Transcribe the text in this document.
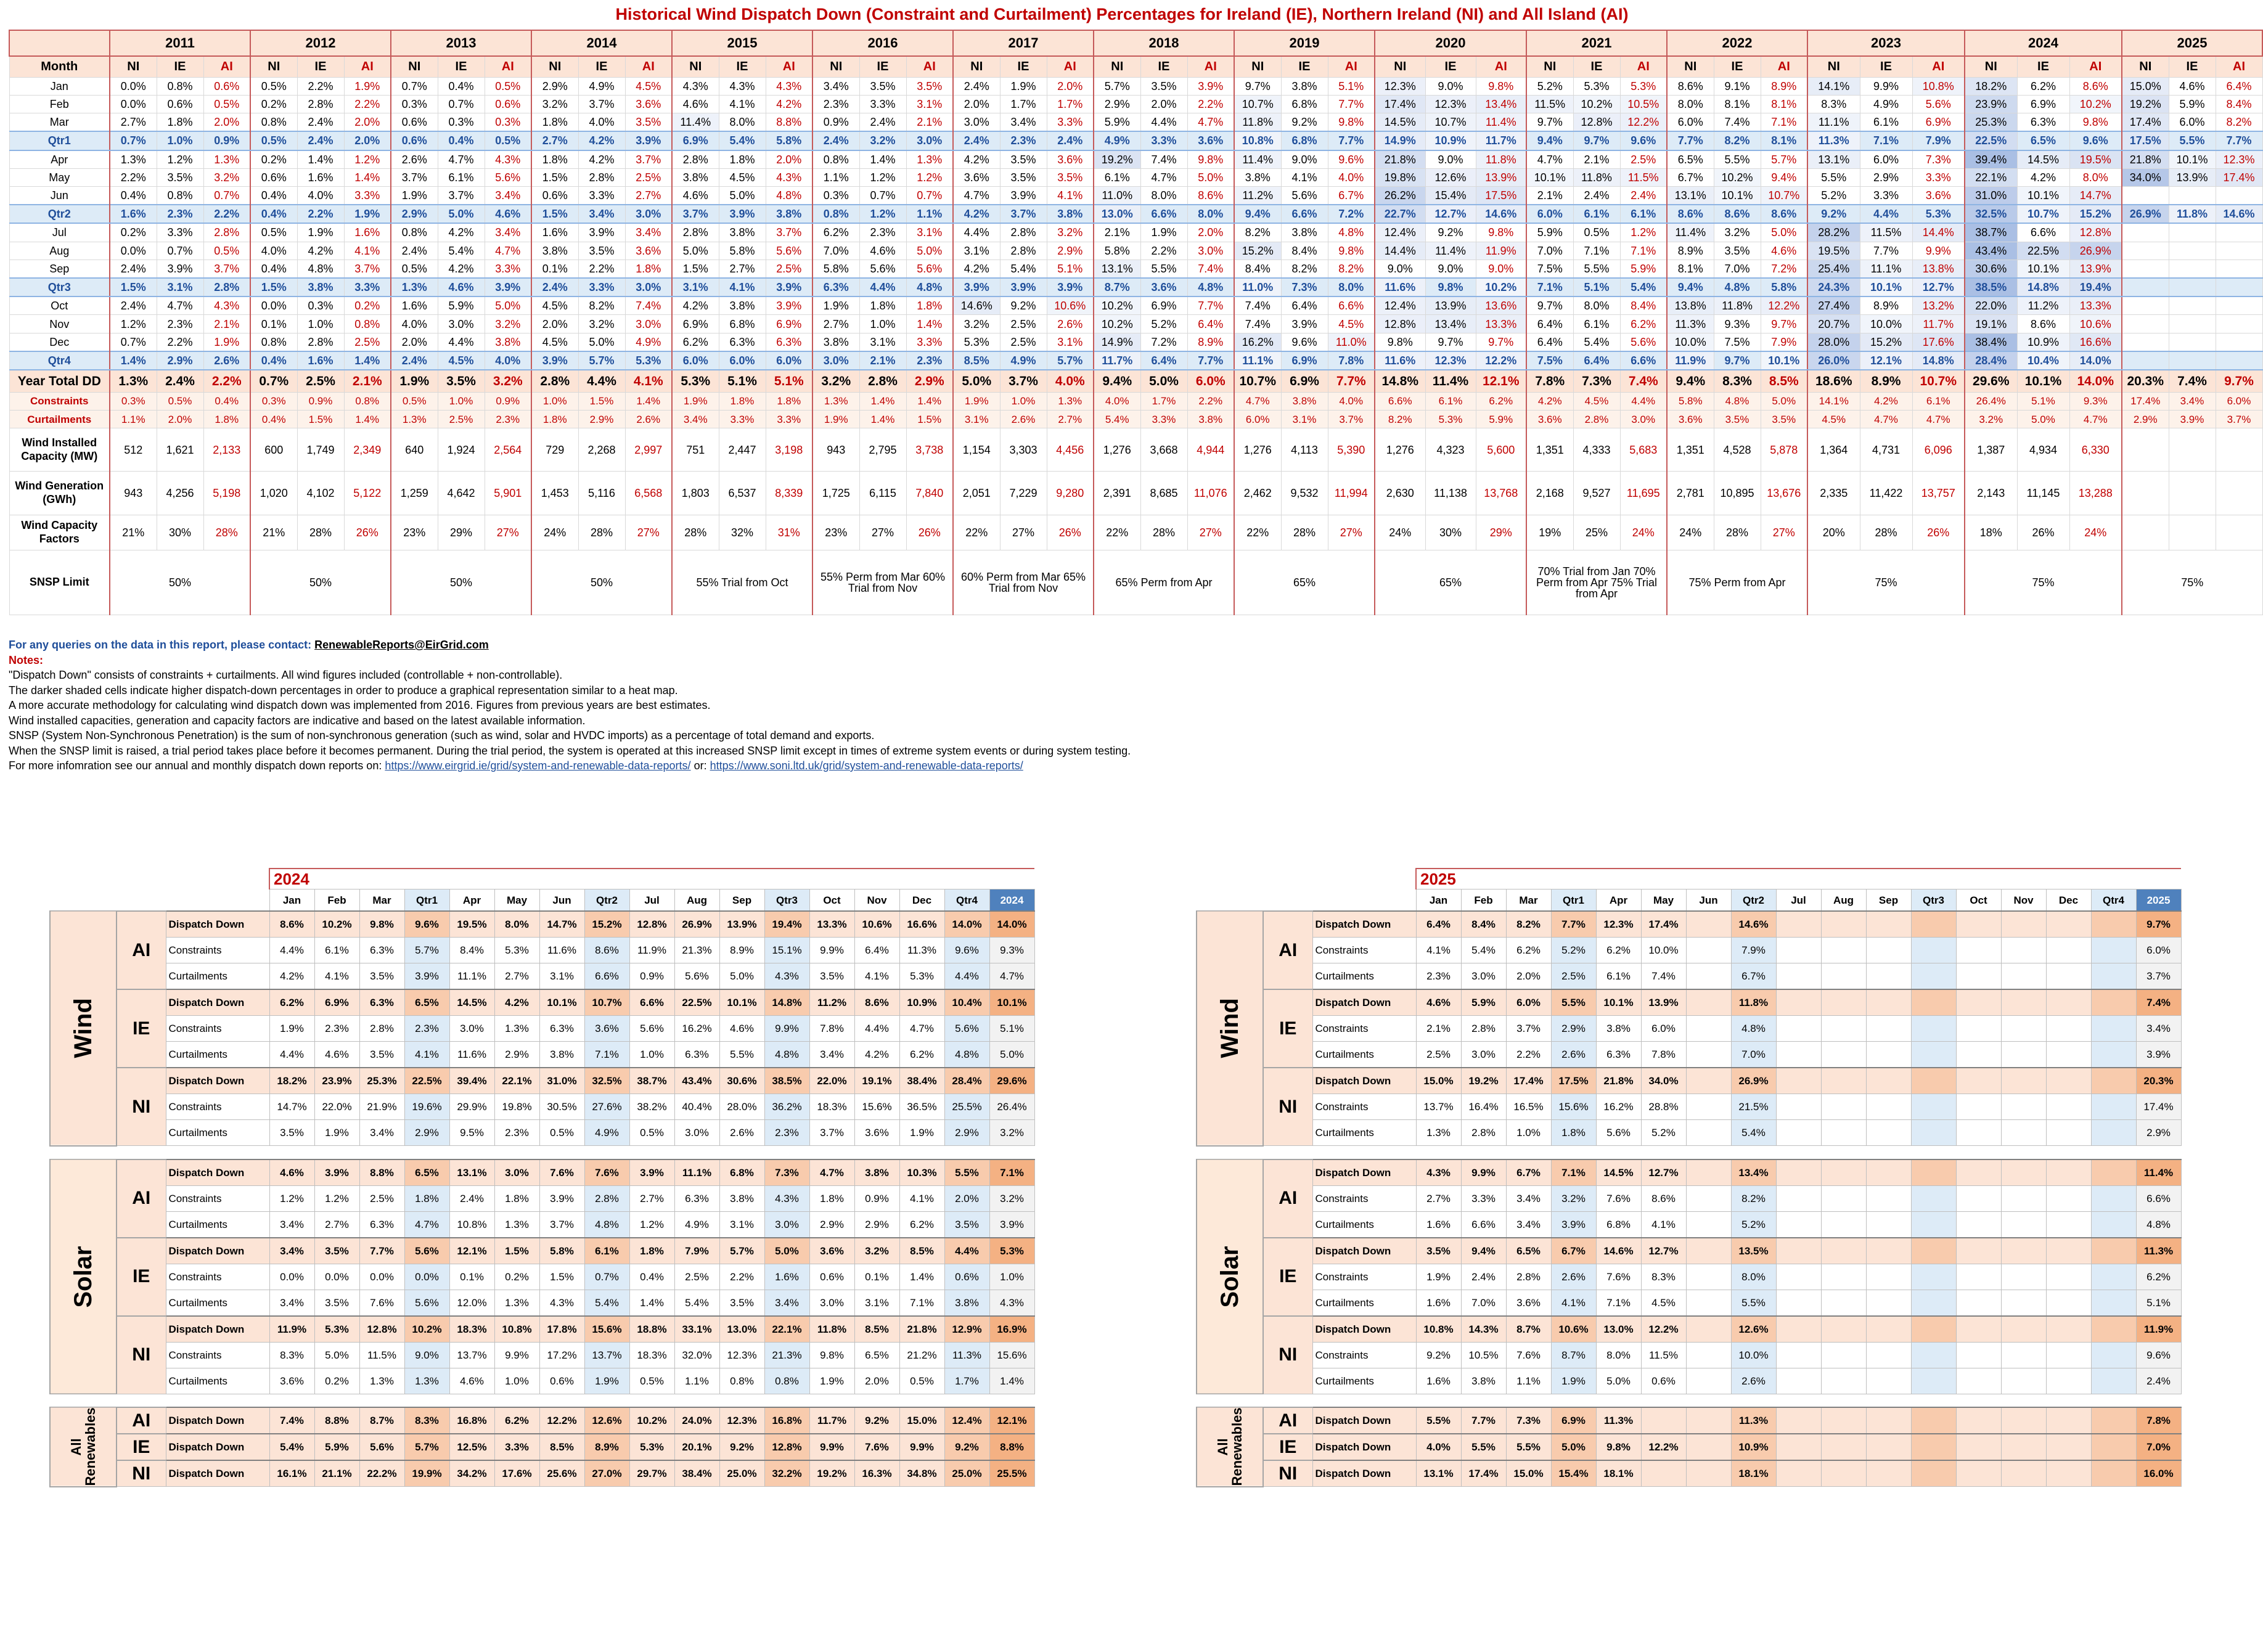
Historical Wind Dispatch Down (Constraint and Curtailment) Percentages for Ireland (IE), Northern Ireland (NI) and All Island (AI)
	2011			2012			2013			2014			2015			2016			2017			2018			2019			2020			2021			2022			2023			2024			2025		
Month	NI	IE	AI	NI	IE	AI	NI	IE	AI	NI	IE	AI	NI	IE	AI	NI	IE	AI	NI	IE	AI	NI	IE	AI	NI	IE	AI	NI	IE	AI	NI	IE	AI	NI	IE	AI	NI	IE	AI	NI	IE	AI	NI	IE	AI
Jan	0.0%	0.8%	0.6%	0.5%	2.2%	1.9%	0.7%	0.4%	0.5%	2.9%	4.9%	4.5%	4.3%	4.3%	4.3%	3.4%	3.5%	3.5%	2.4%	1.9%	2.0%	5.7%	3.5%	3.9%	9.7%	3.8%	5.1%	12.3%	9.0%	9.8%	5.2%	5.3%	5.3%	8.6%	9.1%	8.9%	14.1%	9.9%	10.8%	18.2%	6.2%	8.6%	15.0%	4.6%	6.4%
Feb	0.0%	0.6%	0.5%	0.2%	2.8%	2.2%	0.3%	0.7%	0.6%	3.2%	3.7%	3.6%	4.6%	4.1%	4.2%	2.3%	3.3%	3.1%	2.0%	1.7%	1.7%	2.9%	2.0%	2.2%	10.7%	6.8%	7.7%	17.4%	12.3%	13.4%	11.5%	10.2%	10.5%	8.0%	8.1%	8.1%	8.3%	4.9%	5.6%	23.9%	6.9%	10.2%	19.2%	5.9%	8.4%
Mar	2.7%	1.8%	2.0%	0.8%	2.4%	2.0%	0.6%	0.3%	0.3%	1.8%	4.0%	3.5%	11.4%	8.0%	8.8%	0.9%	2.4%	2.1%	3.0%	3.4%	3.3%	5.9%	4.4%	4.7%	11.8%	9.2%	9.8%	14.5%	10.7%	11.4%	9.7%	12.8%	12.2%	6.0%	7.4%	7.1%	11.1%	6.1%	6.9%	25.3%	6.3%	9.8%	17.4%	6.0%	8.2%
Qtr1	0.7%	1.0%	0.9%	0.5%	2.4%	2.0%	0.6%	0.4%	0.5%	2.7%	4.2%	3.9%	6.9%	5.4%	5.8%	2.4%	3.2%	3.0%	2.4%	2.3%	2.4%	4.9%	3.3%	3.6%	10.8%	6.8%	7.7%	14.9%	10.9%	11.7%	9.4%	9.7%	9.6%	7.7%	8.2%	8.1%	11.3%	7.1%	7.9%	22.5%	6.5%	9.6%	17.5%	5.5%	7.7%
Apr	1.3%	1.2%	1.3%	0.2%	1.4%	1.2%	2.6%	4.7%	4.3%	1.8%	4.2%	3.7%	2.8%	1.8%	2.0%	0.8%	1.4%	1.3%	4.2%	3.5%	3.6%	19.2%	7.4%	9.8%	11.4%	9.0%	9.6%	21.8%	9.0%	11.8%	4.7%	2.1%	2.5%	6.5%	5.5%	5.7%	13.1%	6.0%	7.3%	39.4%	14.5%	19.5%	21.8%	10.1%	12.3%
May	2.2%	3.5%	3.2%	0.6%	1.6%	1.4%	3.7%	6.1%	5.6%	1.5%	2.8%	2.5%	3.8%	4.5%	4.3%	1.1%	1.2%	1.2%	3.6%	3.5%	3.5%	6.1%	4.7%	5.0%	3.8%	4.1%	4.0%	19.8%	12.6%	13.9%	10.1%	11.8%	11.5%	6.7%	10.2%	9.4%	5.5%	2.9%	3.3%	22.1%	4.2%	8.0%	34.0%	13.9%	17.4%
Jun	0.4%	0.8%	0.7%	0.4%	4.0%	3.3%	1.9%	3.7%	3.4%	0.6%	3.3%	2.7%	4.6%	5.0%	4.8%	0.3%	0.7%	0.7%	4.7%	3.9%	4.1%	11.0%	8.0%	8.6%	11.2%	5.6%	6.7%	26.2%	15.4%	17.5%	2.1%	2.4%	2.4%	13.1%	10.1%	10.7%	5.2%	3.3%	3.6%	31.0%	10.1%	14.7%			
Qtr2	1.6%	2.3%	2.2%	0.4%	2.2%	1.9%	2.9%	5.0%	4.6%	1.5%	3.4%	3.0%	3.7%	3.9%	3.8%	0.8%	1.2%	1.1%	4.2%	3.7%	3.8%	13.0%	6.6%	8.0%	9.4%	6.6%	7.2%	22.7%	12.7%	14.6%	6.0%	6.1%	6.1%	8.6%	8.6%	8.6%	9.2%	4.4%	5.3%	32.5%	10.7%	15.2%	26.9%	11.8%	14.6%
Jul	0.2%	3.3%	2.8%	0.5%	1.9%	1.6%	0.8%	4.2%	3.4%	1.6%	3.9%	3.4%	2.8%	3.8%	3.7%	6.2%	2.3%	3.1%	4.4%	2.8%	3.2%	2.1%	1.9%	2.0%	8.2%	3.8%	4.8%	12.4%	9.2%	9.8%	5.9%	0.5%	1.2%	11.4%	3.2%	5.0%	28.2%	11.5%	14.4%	38.7%	6.6%	12.8%			
Aug	0.0%	0.7%	0.5%	4.0%	4.2%	4.1%	2.4%	5.4%	4.7%	3.8%	3.5%	3.6%	5.0%	5.8%	5.6%	7.0%	4.6%	5.0%	3.1%	2.8%	2.9%	5.8%	2.2%	3.0%	15.2%	8.4%	9.8%	14.4%	11.4%	11.9%	7.0%	7.1%	7.1%	8.9%	3.5%	4.6%	19.5%	7.7%	9.9%	43.4%	22.5%	26.9%			
Sep	2.4%	3.9%	3.7%	0.4%	4.8%	3.7%	0.5%	4.2%	3.3%	0.1%	2.2%	1.8%	1.5%	2.7%	2.5%	5.8%	5.6%	5.6%	4.2%	5.4%	5.1%	13.1%	5.5%	7.4%	8.4%	8.2%	8.2%	9.0%	9.0%	9.0%	7.5%	5.5%	5.9%	8.1%	7.0%	7.2%	25.4%	11.1%	13.8%	30.6%	10.1%	13.9%			
Qtr3	1.5%	3.1%	2.8%	1.5%	3.8%	3.3%	1.3%	4.6%	3.9%	2.4%	3.3%	3.0%	3.1%	4.1%	3.9%	6.3%	4.4%	4.8%	3.9%	3.9%	3.9%	8.7%	3.6%	4.8%	11.0%	7.3%	8.0%	11.6%	9.8%	10.2%	7.1%	5.1%	5.4%	9.4%	4.8%	5.8%	24.3%	10.1%	12.7%	38.5%	14.8%	19.4%			
Oct	2.4%	4.7%	4.3%	0.0%	0.3%	0.2%	1.6%	5.9%	5.0%	4.5%	8.2%	7.4%	4.2%	3.8%	3.9%	1.9%	1.8%	1.8%	14.6%	9.2%	10.6%	10.2%	6.9%	7.7%	7.4%	6.4%	6.6%	12.4%	13.9%	13.6%	9.7%	8.0%	8.4%	13.8%	11.8%	12.2%	27.4%	8.9%	13.2%	22.0%	11.2%	13.3%			
Nov	1.2%	2.3%	2.1%	0.1%	1.0%	0.8%	4.0%	3.0%	3.2%	2.0%	3.2%	3.0%	6.9%	6.8%	6.9%	2.7%	1.0%	1.4%	3.2%	2.5%	2.6%	10.2%	5.2%	6.4%	7.4%	3.9%	4.5%	12.8%	13.4%	13.3%	6.4%	6.1%	6.2%	11.3%	9.3%	9.7%	20.7%	10.0%	11.7%	19.1%	8.6%	10.6%			
Dec	0.7%	2.2%	1.9%	0.8%	2.8%	2.5%	2.0%	4.4%	3.8%	4.5%	5.0%	4.9%	6.2%	6.3%	6.3%	3.8%	3.1%	3.3%	5.3%	2.5%	3.1%	14.9%	7.2%	8.9%	16.2%	9.6%	11.0%	9.8%	9.7%	9.7%	6.4%	5.4%	5.6%	10.0%	7.5%	7.9%	28.0%	15.2%	17.6%	38.4%	10.9%	16.6%			
Qtr4	1.4%	2.9%	2.6%	0.4%	1.6%	1.4%	2.4%	4.5%	4.0%	3.9%	5.7%	5.3%	6.0%	6.0%	6.0%	3.0%	2.1%	2.3%	8.5%	4.9%	5.7%	11.7%	6.4%	7.7%	11.1%	6.9%	7.8%	11.6%	12.3%	12.2%	7.5%	6.4%	6.6%	11.9%	9.7%	10.1%	26.0%	12.1%	14.8%	28.4%	10.4%	14.0%			
Year Total DD	1.3%	2.4%	2.2%	0.7%	2.5%	2.1%	1.9%	3.5%	3.2%	2.8%	4.4%	4.1%	5.3%	5.1%	5.1%	3.2%	2.8%	2.9%	5.0%	3.7%	4.0%	9.4%	5.0%	6.0%	10.7%	6.9%	7.7%	14.8%	11.4%	12.1%	7.8%	7.3%	7.4%	9.4%	8.3%	8.5%	18.6%	8.9%	10.7%	29.6%	10.1%	14.0%	20.3%	7.4%	9.7%
Constraints	0.3%	0.5%	0.4%	0.3%	0.9%	0.8%	0.5%	1.0%	0.9%	1.0%	1.5%	1.4%	1.9%	1.8%	1.8%	1.3%	1.4%	1.4%	1.9%	1.0%	1.3%	4.0%	1.7%	2.2%	4.7%	3.8%	4.0%	6.6%	6.1%	6.2%	4.2%	4.5%	4.4%	5.8%	4.8%	5.0%	14.1%	4.2%	6.1%	26.4%	5.1%	9.3%	17.4%	3.4%	6.0%
Curtailments	1.1%	2.0%	1.8%	0.4%	1.5%	1.4%	1.3%	2.5%	2.3%	1.8%	2.9%	2.6%	3.4%	3.3%	3.3%	1.9%	1.4%	1.5%	3.1%	2.6%	2.7%	5.4%	3.3%	3.8%	6.0%	3.1%	3.7%	8.2%	5.3%	5.9%	3.6%	2.8%	3.0%	3.6%	3.5%	3.5%	4.5%	4.7%	4.7%	3.2%	5.0%	4.7%	2.9%	3.9%	3.7%
Wind Installed Capacity (MW)	512	1,621	2,133	600	1,749	2,349	640	1,924	2,564	729	2,268	2,997	751	2,447	3,198	943	2,795	3,738	1,154	3,303	4,456	1,276	3,668	4,944	1,276	4,113	5,390	1,276	4,323	5,600	1,351	4,333	5,683	1,351	4,528	5,878	1,364	4,731	6,096	1,387	4,934	6,330			
Wind Generation (GWh)	943	4,256	5,198	1,020	4,102	5,122	1,259	4,642	5,901	1,453	5,116	6,568	1,803	6,537	8,339	1,725	6,115	7,840	2,051	7,229	9,280	2,391	8,685	11,076	2,462	9,532	11,994	2,630	11,138	13,768	2,168	9,527	11,695	2,781	10,895	13,676	2,335	11,422	13,757	2,143	11,145	13,288			
Wind Capacity Factors	21%	30%	28%	21%	28%	26%	23%	29%	27%	24%	28%	27%	28%	32%	31%	23%	27%	26%	22%	27%	26%	22%	28%	27%	22%	28%	27%	24%	30%	29%	19%	25%	24%	24%	28%	27%	20%	28%	26%	18%	26%	24%			
SNSP Limit	50%			50%			50%			50%			55% Trial from Oct			55% Perm from Mar 60% Trial from Nov			60% Perm from Mar 65% Trial from Nov			65% Perm from Apr			65%			65%			70% Trial from Jan 70% Perm from Apr 75% Trial from Apr			75% Perm from Apr			75%			75%			75%		
For any queries on the data in this report, please contact: RenewableReports@EirGrid.com
Notes:
"Dispatch Down" consists of constraints + curtailments. All wind figures included (controllable + non-controllable).
The darker shaded cells indicate higher dispatch-down percentages in order to produce a graphical representation similar to a heat map.
A more accurate methodology for calculating wind dispatch down was implemented from 2016. Figures from previous years are best estimates.
Wind installed capacities, generation and capacity factors are indicative and based on the latest available information.
SNSP (System Non-Synchronous Penetration) is the sum of non-synchronous generation (such as wind, solar and HVDC imports) as a percentage of total demand and exports.
When the SNSP limit is raised, a trial period takes place before it becomes permanent. During the trial period, the system is operated at this increased SNSP limit except in times of extreme system events or during system testing.
For more infomration see our annual and monthly dispatch down reports on: https://www.eirgrid.ie/grid/system-and-renewable-data-reports/ or: https://www.soni.ltd.uk/grid/system-and-renewable-data-reports/
			2024																
			Jan	Feb	Mar	Qtr1	Apr	May	Jun	Qtr2	Jul	Aug	Sep	Qtr3	Oct	Nov	Dec	Qtr4	2024
Wind	AI	Dispatch Down	8.6%	10.2%	9.8%	9.6%	19.5%	8.0%	14.7%	15.2%	12.8%	26.9%	13.9%	19.4%	13.3%	10.6%	16.6%	14.0%	14.0%
		Constraints	4.4%	6.1%	6.3%	5.7%	8.4%	5.3%	11.6%	8.6%	11.9%	21.3%	8.9%	15.1%	9.9%	6.4%	11.3%	9.6%	9.3%
		Curtailments	4.2%	4.1%	3.5%	3.9%	11.1%	2.7%	3.1%	6.6%	0.9%	5.6%	5.0%	4.3%	3.5%	4.1%	5.3%	4.4%	4.7%
	IE	Dispatch Down	6.2%	6.9%	6.3%	6.5%	14.5%	4.2%	10.1%	10.7%	6.6%	22.5%	10.1%	14.8%	11.2%	8.6%	10.9%	10.4%	10.1%
		Constraints	1.9%	2.3%	2.8%	2.3%	3.0%	1.3%	6.3%	3.6%	5.6%	16.2%	4.6%	9.9%	7.8%	4.4%	4.7%	5.6%	5.1%
		Curtailments	4.4%	4.6%	3.5%	4.1%	11.6%	2.9%	3.8%	7.1%	1.0%	6.3%	5.5%	4.8%	3.4%	4.2%	6.2%	4.8%	5.0%
	NI	Dispatch Down	18.2%	23.9%	25.3%	22.5%	39.4%	22.1%	31.0%	32.5%	38.7%	43.4%	30.6%	38.5%	22.0%	19.1%	38.4%	28.4%	29.6%
		Constraints	14.7%	22.0%	21.9%	19.6%	29.9%	19.8%	30.5%	27.6%	38.2%	40.4%	28.0%	36.2%	18.3%	15.6%	36.5%	25.5%	26.4%
		Curtailments	3.5%	1.9%	3.4%	2.9%	9.5%	2.3%	0.5%	4.9%	0.5%	3.0%	2.6%	2.3%	3.7%	3.6%	1.9%	2.9%	3.2%

Solar	AI	Dispatch Down	4.6%	3.9%	8.8%	6.5%	13.1%	3.0%	7.6%	7.6%	3.9%	11.1%	6.8%	7.3%	4.7%	3.8%	10.3%	5.5%	7.1%
		Constraints	1.2%	1.2%	2.5%	1.8%	2.4%	1.8%	3.9%	2.8%	2.7%	6.3%	3.8%	4.3%	1.8%	0.9%	4.1%	2.0%	3.2%
		Curtailments	3.4%	2.7%	6.3%	4.7%	10.8%	1.3%	3.7%	4.8%	1.2%	4.9%	3.1%	3.0%	2.9%	2.9%	6.2%	3.5%	3.9%
	IE	Dispatch Down	3.4%	3.5%	7.7%	5.6%	12.1%	1.5%	5.8%	6.1%	1.8%	7.9%	5.7%	5.0%	3.6%	3.2%	8.5%	4.4%	5.3%
		Constraints	0.0%	0.0%	0.0%	0.0%	0.1%	0.2%	1.5%	0.7%	0.4%	2.5%	2.2%	1.6%	0.6%	0.1%	1.4%	0.6%	1.0%
		Curtailments	3.4%	3.5%	7.6%	5.6%	12.0%	1.3%	4.3%	5.4%	1.4%	5.4%	3.5%	3.4%	3.0%	3.1%	7.1%	3.8%	4.3%
	NI	Dispatch Down	11.9%	5.3%	12.8%	10.2%	18.3%	10.8%	17.8%	15.6%	18.8%	33.1%	13.0%	22.1%	11.8%	8.5%	21.8%	12.9%	16.9%
		Constraints	8.3%	5.0%	11.5%	9.0%	13.7%	9.9%	17.2%	13.7%	18.3%	32.0%	12.3%	21.3%	9.8%	6.5%	21.2%	11.3%	15.6%
		Curtailments	3.6%	0.2%	1.3%	1.3%	4.6%	1.0%	0.6%	1.9%	0.5%	1.1%	0.8%	0.8%	1.9%	2.0%	0.5%	1.7%	1.4%

All Renewables	AI	Dispatch Down	7.4%	8.8%	8.7%	8.3%	16.8%	6.2%	12.2%	12.6%	10.2%	24.0%	12.3%	16.8%	11.7%	9.2%	15.0%	12.4%	12.1%
	IE	Dispatch Down	5.4%	5.9%	5.6%	5.7%	12.5%	3.3%	8.5%	8.9%	5.3%	20.1%	9.2%	12.8%	9.9%	7.6%	9.9%	9.2%	8.8%
	NI	Dispatch Down	16.1%	21.1%	22.2%	19.9%	34.2%	17.6%	25.6%	27.0%	29.7%	38.4%	25.0%	32.2%	19.2%	16.3%	34.8%	25.0%	25.5%
			2025																
			Jan	Feb	Mar	Qtr1	Apr	May	Jun	Qtr2	Jul	Aug	Sep	Qtr3	Oct	Nov	Dec	Qtr4	2025
Wind	AI	Dispatch Down	6.4%	8.4%	8.2%	7.7%	12.3%	17.4%		14.6%									9.7%
		Constraints	4.1%	5.4%	6.2%	5.2%	6.2%	10.0%		7.9%									6.0%
		Curtailments	2.3%	3.0%	2.0%	2.5%	6.1%	7.4%		6.7%									3.7%
	IE	Dispatch Down	4.6%	5.9%	6.0%	5.5%	10.1%	13.9%		11.8%									7.4%
		Constraints	2.1%	2.8%	3.7%	2.9%	3.8%	6.0%		4.8%									3.4%
		Curtailments	2.5%	3.0%	2.2%	2.6%	6.3%	7.8%		7.0%									3.9%
	NI	Dispatch Down	15.0%	19.2%	17.4%	17.5%	21.8%	34.0%		26.9%									20.3%
		Constraints	13.7%	16.4%	16.5%	15.6%	16.2%	28.8%		21.5%									17.4%
		Curtailments	1.3%	2.8%	1.0%	1.8%	5.6%	5.2%		5.4%									2.9%

Solar	AI	Dispatch Down	4.3%	9.9%	6.7%	7.1%	14.5%	12.7%		13.4%									11.4%
		Constraints	2.7%	3.3%	3.4%	3.2%	7.6%	8.6%		8.2%									6.6%
		Curtailments	1.6%	6.6%	3.4%	3.9%	6.8%	4.1%		5.2%									4.8%
	IE	Dispatch Down	3.5%	9.4%	6.5%	6.7%	14.6%	12.7%		13.5%									11.3%
		Constraints	1.9%	2.4%	2.8%	2.6%	7.6%	8.3%		8.0%									6.2%
		Curtailments	1.6%	7.0%	3.6%	4.1%	7.1%	4.5%		5.5%									5.1%
	NI	Dispatch Down	10.8%	14.3%	8.7%	10.6%	13.0%	12.2%		12.6%									11.9%
		Constraints	9.2%	10.5%	7.6%	8.7%	8.0%	11.5%		10.0%									9.6%
		Curtailments	1.6%	3.8%	1.1%	1.9%	5.0%	0.6%		2.6%									2.4%

All Renewables	AI	Dispatch Down	5.5%	7.7%	7.3%	6.9%	11.3%			11.3%									7.8%
	IE	Dispatch Down	4.0%	5.5%	5.5%	5.0%	9.8%	12.2%		10.9%									7.0%
	NI	Dispatch Down	13.1%	17.4%	15.0%	15.4%	18.1%			18.1%									16.0%
